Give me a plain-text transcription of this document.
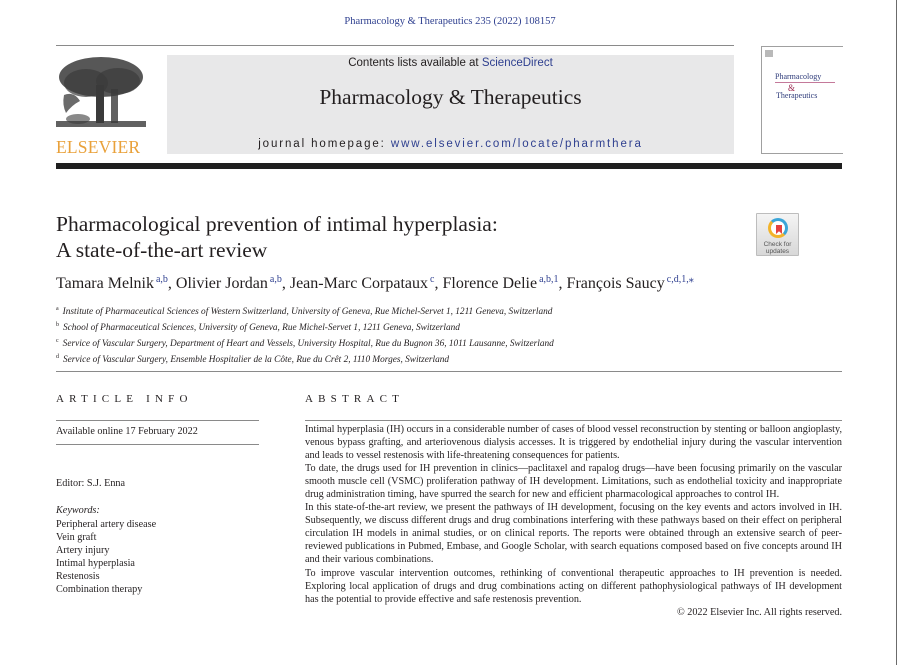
Pharmacology & Therapeutics 235 (2022) 108157
ELSEVIER
Contents lists available at ScienceDirect
Pharmacology & Therapeutics
journal homepage: www.elsevier.com/locate/pharmthera
Pharmacology
&
Therapeutics
Pharmacological prevention of intimal hyperplasia:
A state-of-the-art review	Check for
updates
Tamara Melnik $^{a,b}$, Olivier Jordan $^{a,b}$, Jean-Marc Corpataux $^c$, Florence Delie $^{a,b,1}$, François Saucy $^{c,d,1,⁎}$
$^a$ Institute of Pharmaceutical Sciences of Western Switzerland, University of Geneva, Rue Michel-Servet 1, 1211 Geneva, Switzerland
$^b$ School of Pharmaceutical Sciences, University of Geneva, Rue Michel-Servet 1, 1211 Geneva, Switzerland
$^c$ Service of Vascular Surgery, Department of Heart and Vessels, University Hospital, Rue du Bugnon 36, 1011 Lausanne, Switzerland
$^d$ Service of Vascular Surgery, Ensemble Hospitalier de la Côte, Rue du Crêt 2, 1110 Morges, Switzerland
ARTICLE INFO
Available online 17 February 2022
Editor: S.J. Enna
Keywords:
Peripheral artery disease
Vein graft
Artery injury
Intimal hyperplasia
Restenosis
Combination therapy
ABSTRACT

Intimal hyperplasia (IH) occurs in a considerable number of cases of blood vessel reconstruction by stenting or balloon angioplasty, venous bypass grafting, and arteriovenous dialysis accesses. It is triggered by endothelial injury during the vascular intervention and leads to vessel restenosis with life-threatening consequences for patients.

To date, the drugs used for IH prevention in clinics—paclitaxel and rapalog drugs—have been focusing primarily on the vascular smooth muscle cell (VSMC) proliferation pathway of IH development. Limitations, such as endothelial toxicity and inappropriate drug administration timing, have spurred the search for new and efficient pharmacological approaches to control IH.

In this state-of-the-art review, we present the pathways of IH development, focusing on the key events and actors involved in IH. Subsequently, we discuss different drugs and drug combinations interfering with these pathways based on their effect on peripheral circulation IH models in animal studies, or on clinical reports. The reports were obtained through an extensive search of peer-reviewed publications in Pubmed, Embase, and Google Scholar, with search equations composed based on five concepts around IH and their various combinations.

To improve vascular intervention outcomes, rethinking of conventional therapeutic approaches to IH prevention is needed. Exploring local application of drugs and drug combinations acting on different pathophysiological pathways of IH development has the potential to provide effective and safe restenosis prevention.

© 2022 Elsevier Inc. All rights reserved.
